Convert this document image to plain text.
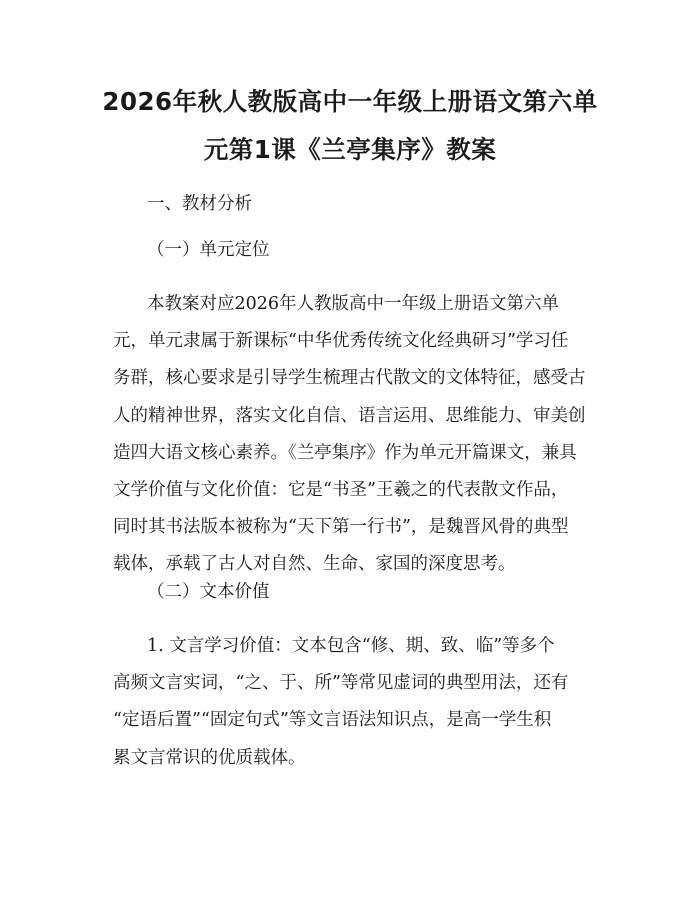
2026年秋人教版高中一年级上册语文第六单
元第1课《兰亭集序》教案

一、教材分析

（一）单元定位

本教案对应2026年人教版高中一年级上册语文第六单
元，单元隶属于新课标“中华优秀传统文化经典研习”学习任
务群，核心要求是引导学生梳理古代散文的文体特征，感受古
人的精神世界，落实文化自信、语言运用、思维能力、审美创
造四大语文核心素养。《兰亭集序》作为单元开篇课文，兼具
文学价值与文化价值：它是“书圣”王羲之的代表散文作品，
同时其书法版本被称为“天下第一行书”，是魏晋风骨的典型
载体，承载了古人对自然、生命、家国的深度思考。

（二）文本价值

1. 文言学习价值：文本包含“修、期、致、临”等多个
高频文言实词，“之、于、所”等常见虚词的典型用法，还有
“定语后置”“固定句式”等文言语法知识点，是高一学生积
累文言常识的优质载体。
